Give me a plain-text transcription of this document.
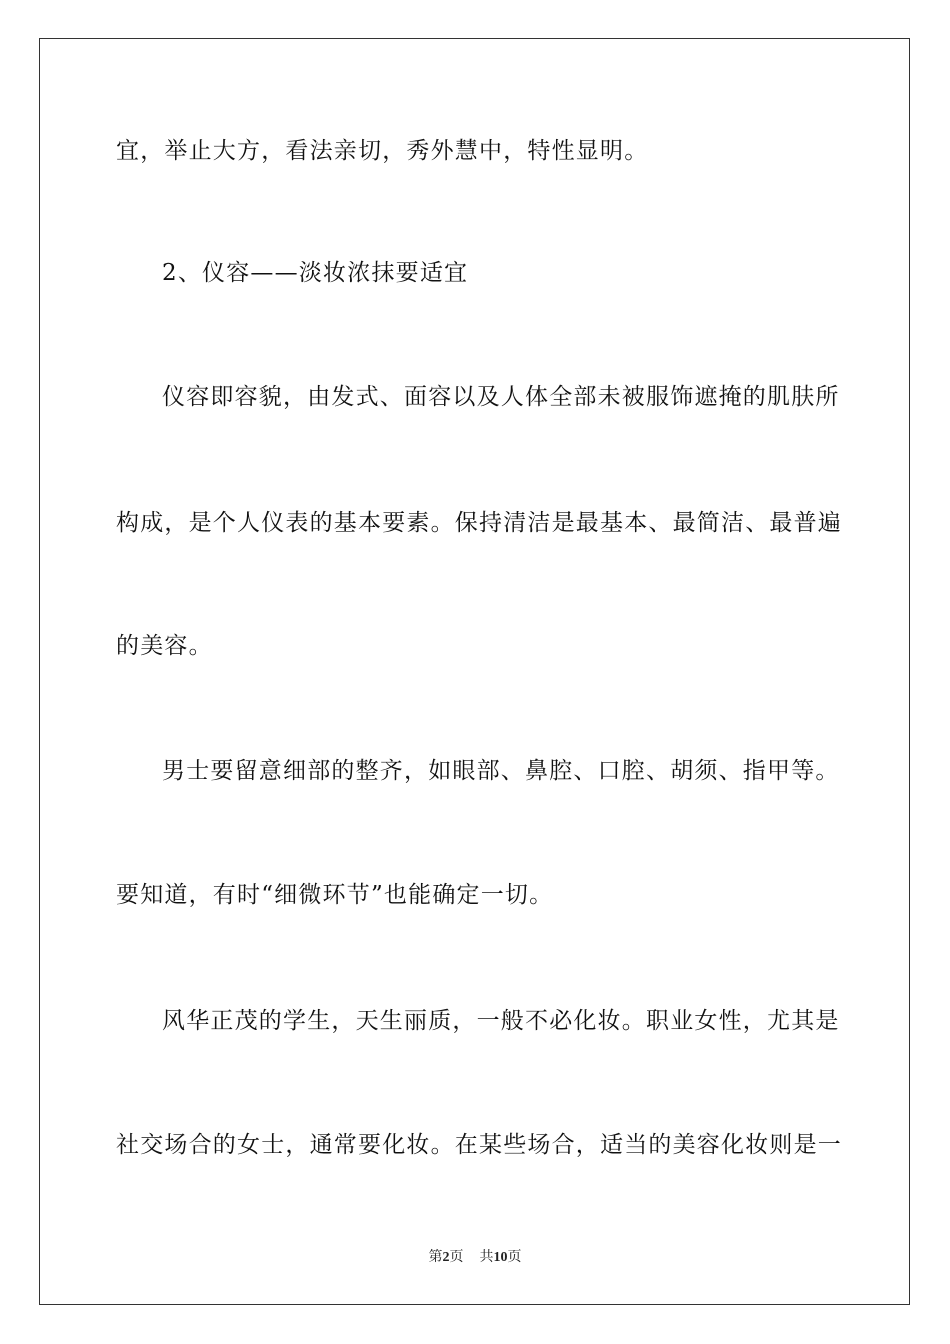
宜，举止大方，看法亲切，秀外慧中，特性显明。
2、仪容——淡妆浓抹要适宜
仪容即容貌，由发式、面容以及人体全部未被服饰遮掩的肌肤所
构成，是个人仪表的基本要素。保持清洁是最基本、最简洁、最普遍
的美容。
男士要留意细部的整齐，如眼部、鼻腔、口腔、胡须、指甲等。
要知道，有时“细微环节”也能确定一切。
风华正茂的学生，天生丽质，一般不必化妆。职业女性，尤其是
社交场合的女士，通常要化妆。在某些场合，适当的美容化妆则是一
第2页 共10页
